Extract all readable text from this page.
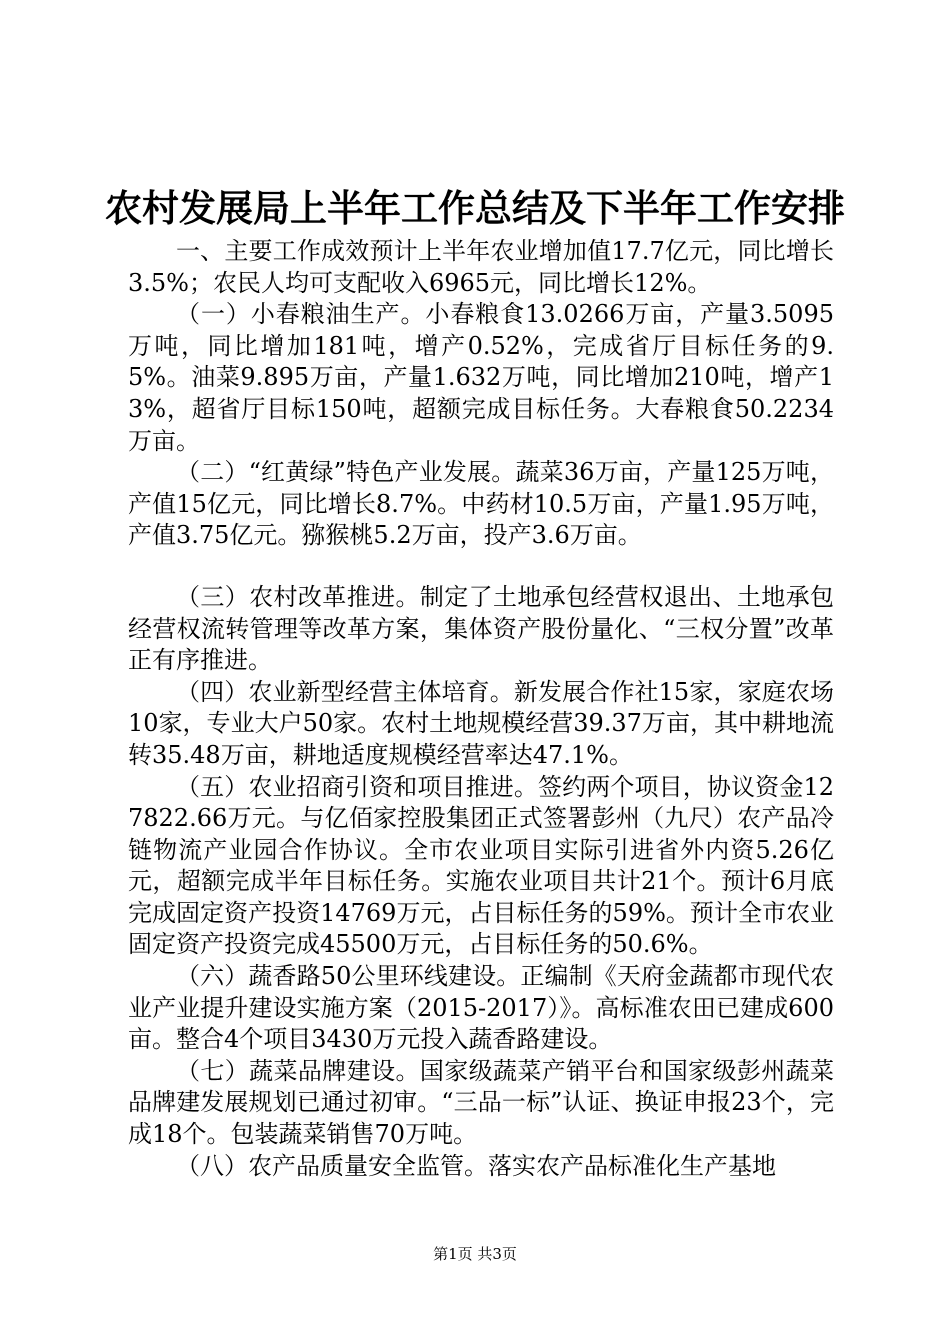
农村发展局上半年工作总结及下半年工作安排

一、主要工作成效预计上半年农业增加值17.7亿元，同比增长3.5%；农民人均可支配收入6965元，同比增长12%。

（一）小春粮油生产。小春粮食13.0266万亩，产量3.5095万吨，同比增加181吨，增产0.52%，完成省厅目标任务的9.5%。油菜9.895万亩，产量1.632万吨，同比增加210吨，增产13%，超省厅目标150吨，超额完成目标任务。大春粮食50.2234万亩。

（二）“红黄绿”特色产业发展。蔬菜36万亩，产量125万吨，产值15亿元，同比增长8.7%。中药材10.5万亩，产量1.95万吨，产值3.75亿元。猕猴桃5.2万亩，投产3.6万亩。

（三）农村改革推进。制定了土地承包经营权退出、土地承包经营权流转管理等改革方案，集体资产股份量化、“三权分置”改革正有序推进。

（四）农业新型经营主体培育。新发展合作社15家，家庭农场10家，专业大户50家。农村土地规模经营39.37万亩，其中耕地流转35.48万亩，耕地适度规模经营率达47.1%。

（五）农业招商引资和项目推进。签约两个项目，协议资金127822.66万元。与亿佰家控股集团正式签署彭州（九尺）农产品冷链物流产业园合作协议。全市农业项目实际引进省外内资5.26亿元，超额完成半年目标任务。实施农业项目共计21个。预计6月底完成固定资产投资14769万元，占目标任务的59%。预计全市农业固定资产投资完成45500万元，占目标任务的50.6%。

（六）蔬香路50公里环线建设。正编制《天府金蔬都市现代农业产业提升建设实施方案（2015-2017）》。高标准农田已建成600亩。整合4个项目3430万元投入蔬香路建设。

（七）蔬菜品牌建设。国家级蔬菜产销平台和国家级彭州蔬菜品牌建发展规划已通过初审。“三品一标”认证、换证申报23个，完成18个。包装蔬菜销售70万吨。

（八）农产品质量安全监管。落实农产品标准化生产基地

第1页 共3页
